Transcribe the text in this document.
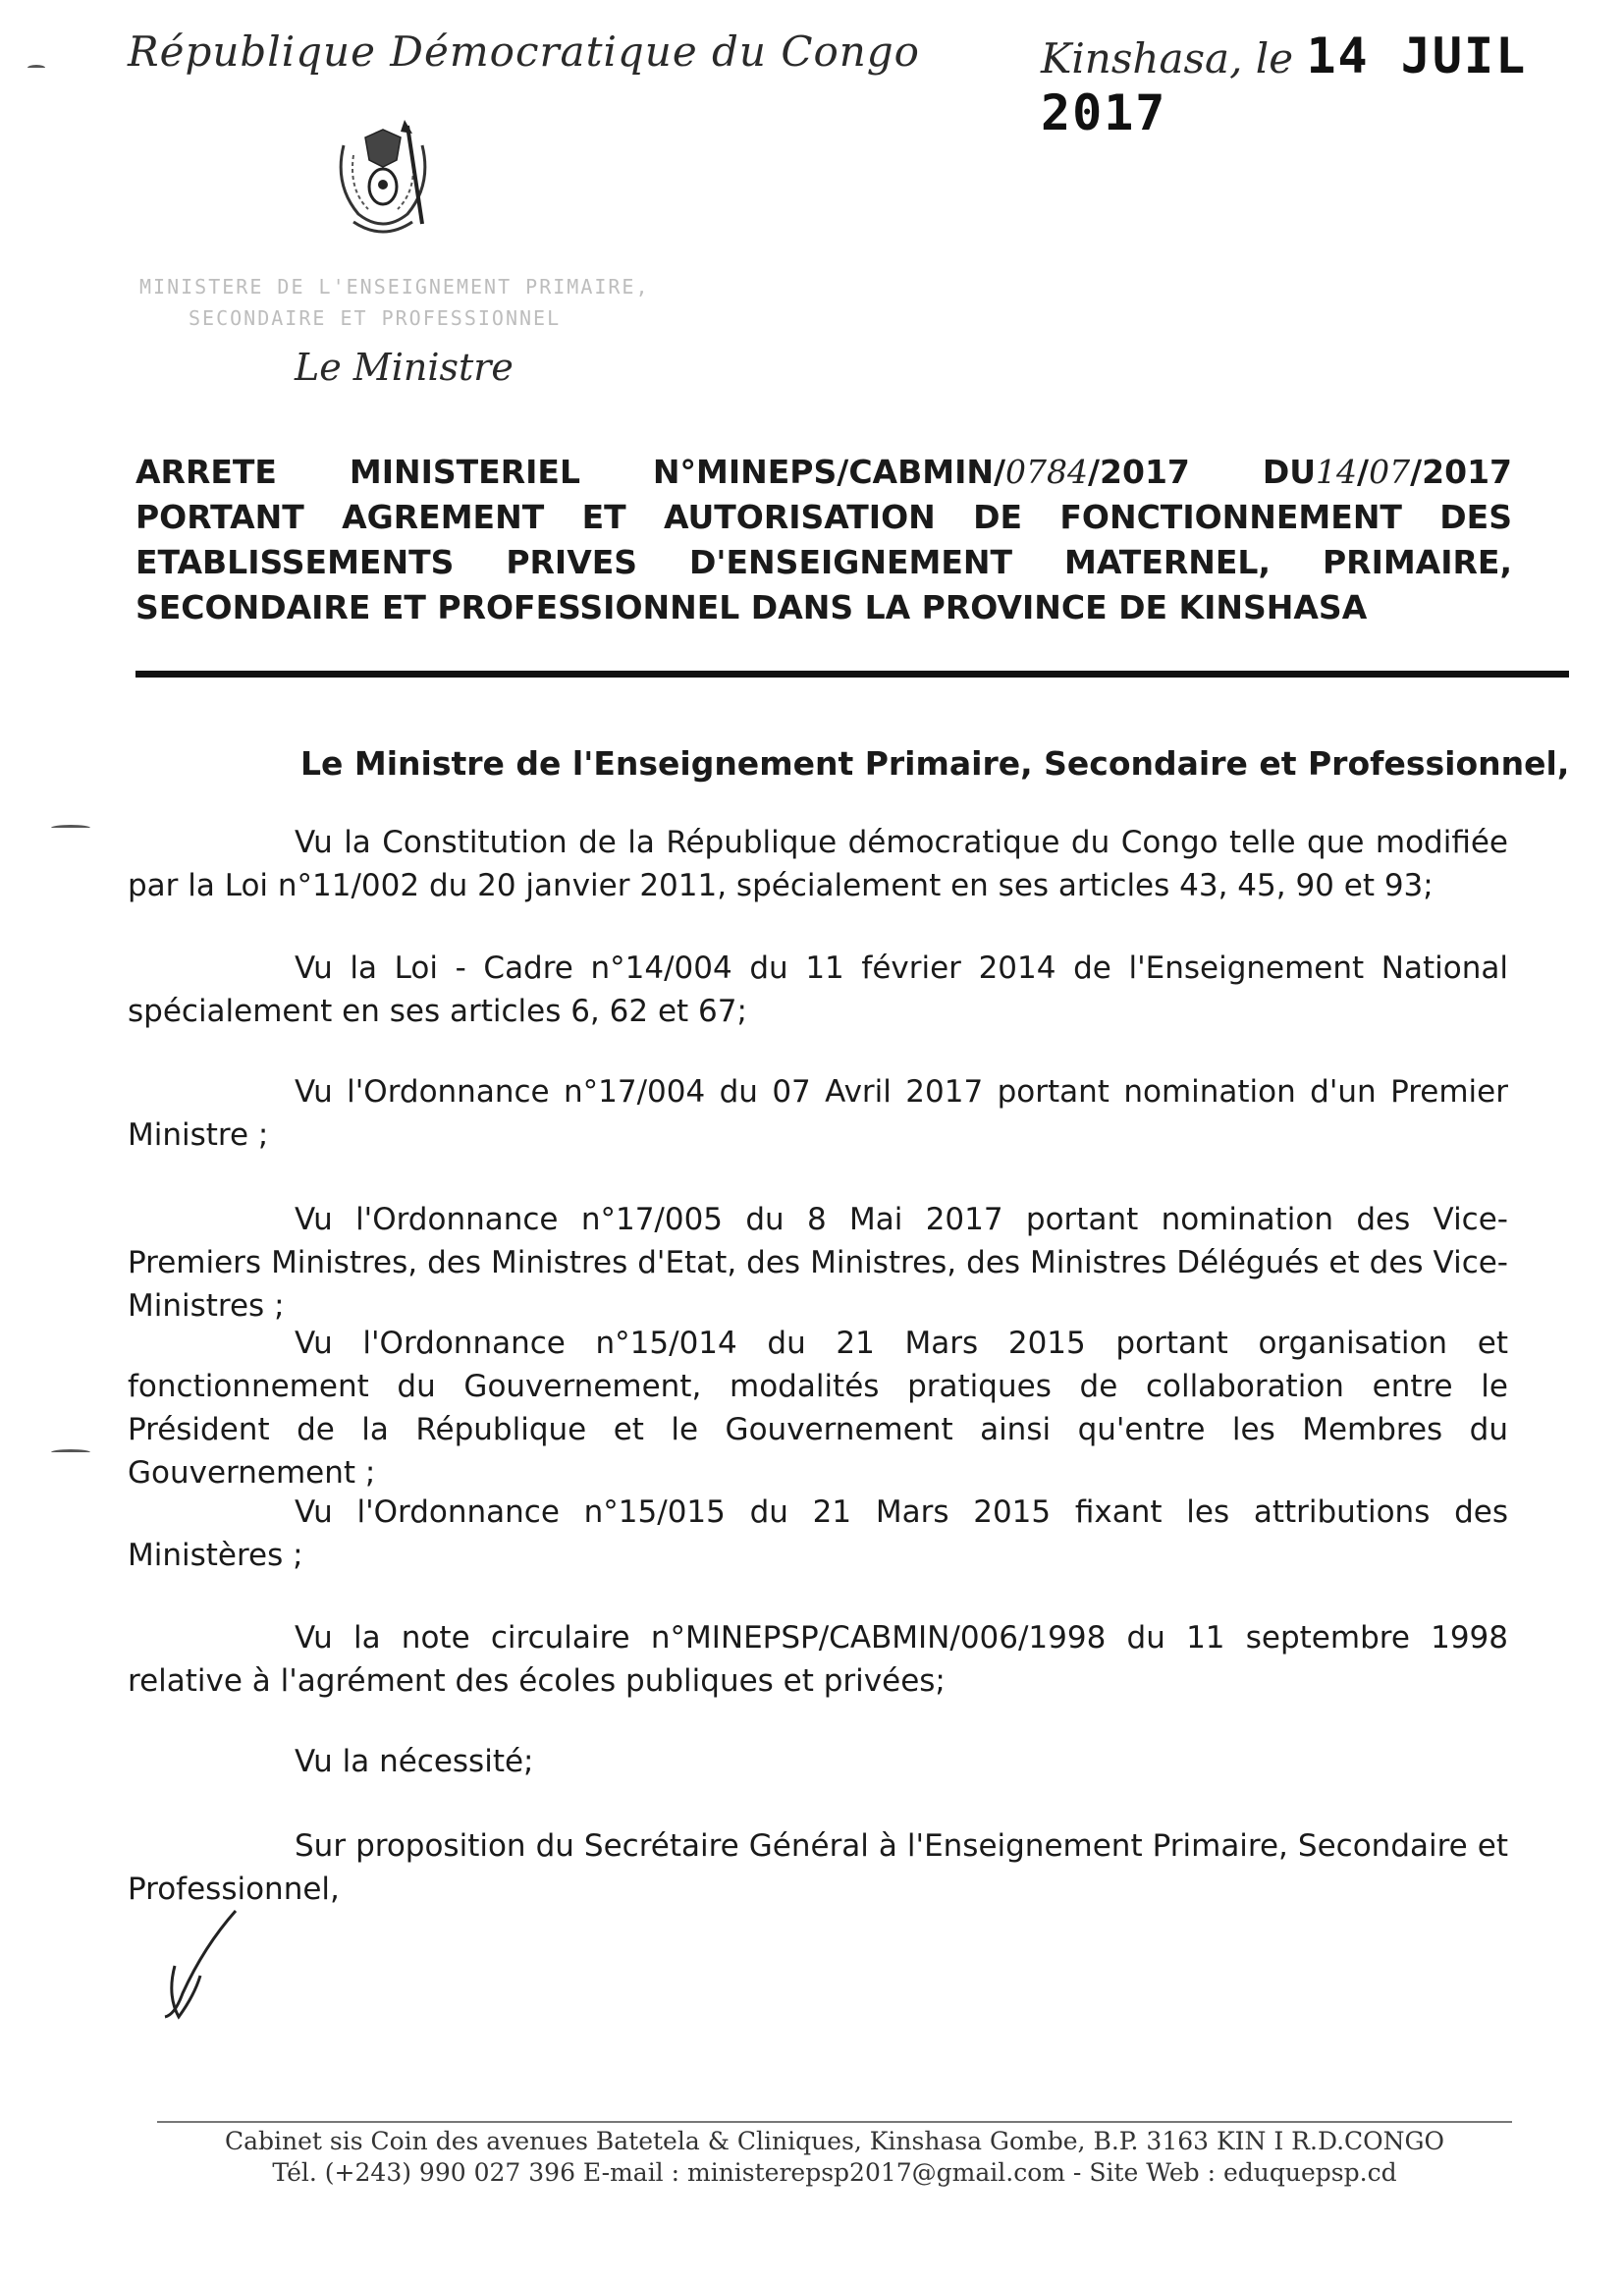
République Démocratique du Congo	Kinshasa, le 14 JUIL 2017
MINISTERE DE L'ENSEIGNEMENT PRIMAIRE,
SECONDAIRE ET PROFESSIONNEL
Le Ministre
ARRETE MINISTERIEL N°MINEPS/CABMIN/0784/2017 DU14/07/2017
PORTANT AGREMENT ET AUTORISATION DE FONCTIONNEMENT DES
ETABLISSEMENTS PRIVES D'ENSEIGNEMENT MATERNEL, PRIMAIRE,
SECONDAIRE ET PROFESSIONNEL DANS LA PROVINCE DE KINSHASA
Le Ministre de l'Enseignement Primaire, Secondaire et Professionnel,
Vu la Constitution de la République démocratique du Congo telle que modifiée par la Loi n°11/002 du 20 janvier 2011, spécialement en ses articles 43, 45, 90 et 93;
Vu la Loi - Cadre n°14/004 du 11 février 2014 de l'Enseignement National spécialement en ses articles 6, 62 et 67;
Vu l'Ordonnance n°17/004 du 07 Avril 2017 portant nomination d'un Premier Ministre ;
Vu l'Ordonnance n°17/005 du 8 Mai 2017 portant nomination des Vice-Premiers Ministres, des Ministres d'Etat, des Ministres, des Ministres Délégués et des Vice-Ministres ;
Vu l'Ordonnance n°15/014 du 21 Mars 2015 portant organisation et fonctionnement du Gouvernement, modalités pratiques de collaboration entre le Président de la République et le Gouvernement ainsi qu'entre les Membres du Gouvernement ;
Vu l'Ordonnance n°15/015 du 21 Mars 2015 fixant les attributions des Ministères ;
Vu la note circulaire n°MINEPSP/CABMIN/006/1998 du 11 septembre 1998 relative à l'agrément des écoles publiques et privées;
Vu la nécessité;
Sur proposition du Secrétaire Général à l'Enseignement Primaire, Secondaire et Professionnel,
Cabinet sis Coin des avenues Batetela & Cliniques, Kinshasa Gombe, B.P. 3163 KIN I R.D.CONGO
Tél. (+243) 990 027 396 E-mail : ministerepsp2017@gmail.com - Site Web : eduquepsp.cd
